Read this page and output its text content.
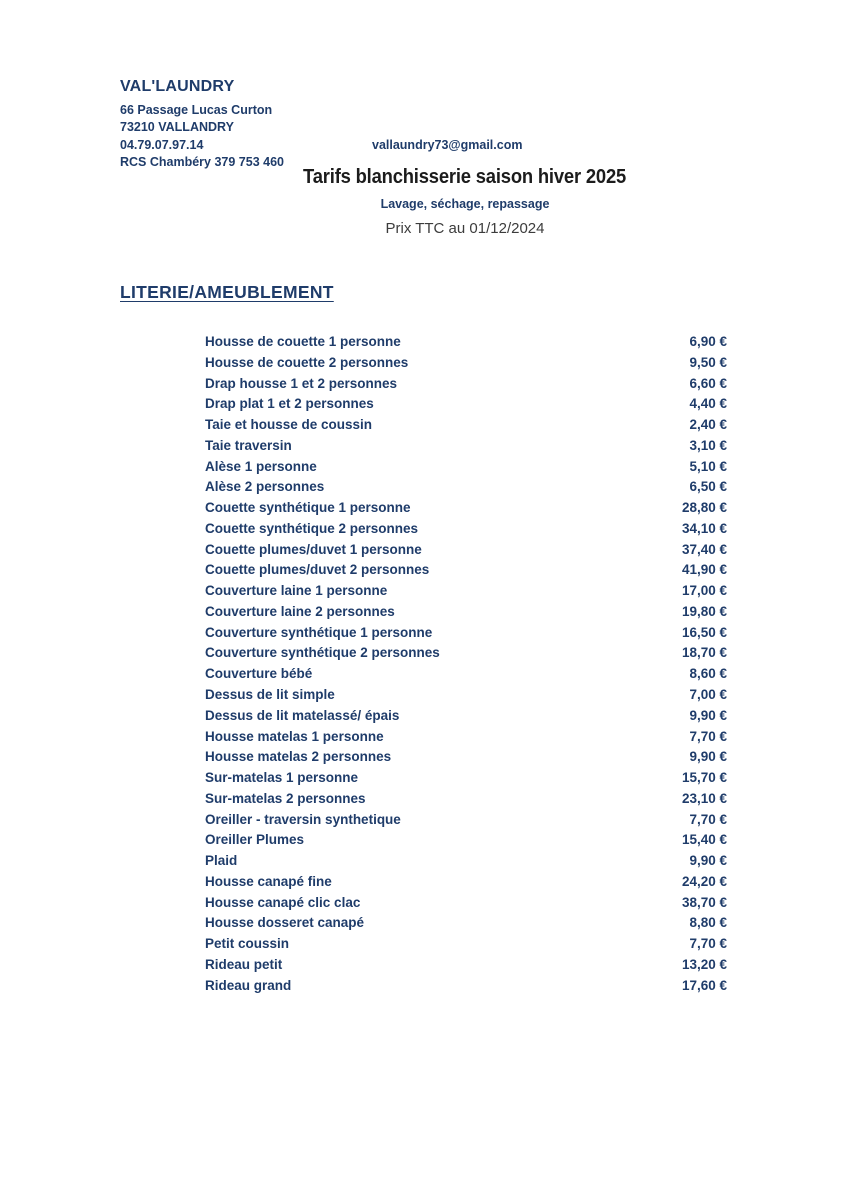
VAL'LAUNDRY
66 Passage Lucas Curton
73210 VALLANDRY
04.79.07.97.14	vallaundry73@gmail.com
RCS Chambéry 379 753 460
Tarifs blanchisserie saison hiver 2025
Lavage, séchage, repassage
Prix TTC au 01/12/2024
LITERIE/AMEUBLEMENT
Housse de couette 1 personne	6,90 €
Housse de couette 2 personnes	9,50 €
Drap housse 1 et 2 personnes	6,60 €
Drap plat 1 et 2 personnes	4,40 €
Taie et housse de coussin	2,40 €
Taie traversin	3,10 €
Alèse 1 personne	5,10 €
Alèse 2 personnes	6,50 €
Couette synthétique 1 personne	28,80 €
Couette synthétique 2 personnes	34,10 €
Couette plumes/duvet 1 personne	37,40 €
Couette plumes/duvet 2 personnes	41,90 €
Couverture laine 1 personne	17,00 €
Couverture laine 2 personnes	19,80 €
Couverture synthétique 1 personne	16,50 €
Couverture synthétique 2 personnes	18,70 €
Couverture bébé	8,60 €
Dessus de lit simple	7,00 €
Dessus de lit matelassé/ épais	9,90 €
Housse matelas 1 personne	7,70 €
Housse matelas 2 personnes	9,90 €
Sur-matelas 1 personne	15,70 €
Sur-matelas 2 personnes	23,10 €
Oreiller - traversin synthetique	7,70 €
Oreiller Plumes	15,40 €
Plaid	9,90 €
Housse canapé fine	24,20 €
Housse canapé clic clac	38,70 €
Housse dosseret canapé	8,80 €
Petit coussin	7,70 €
Rideau petit	13,20 €
Rideau grand	17,60 €
